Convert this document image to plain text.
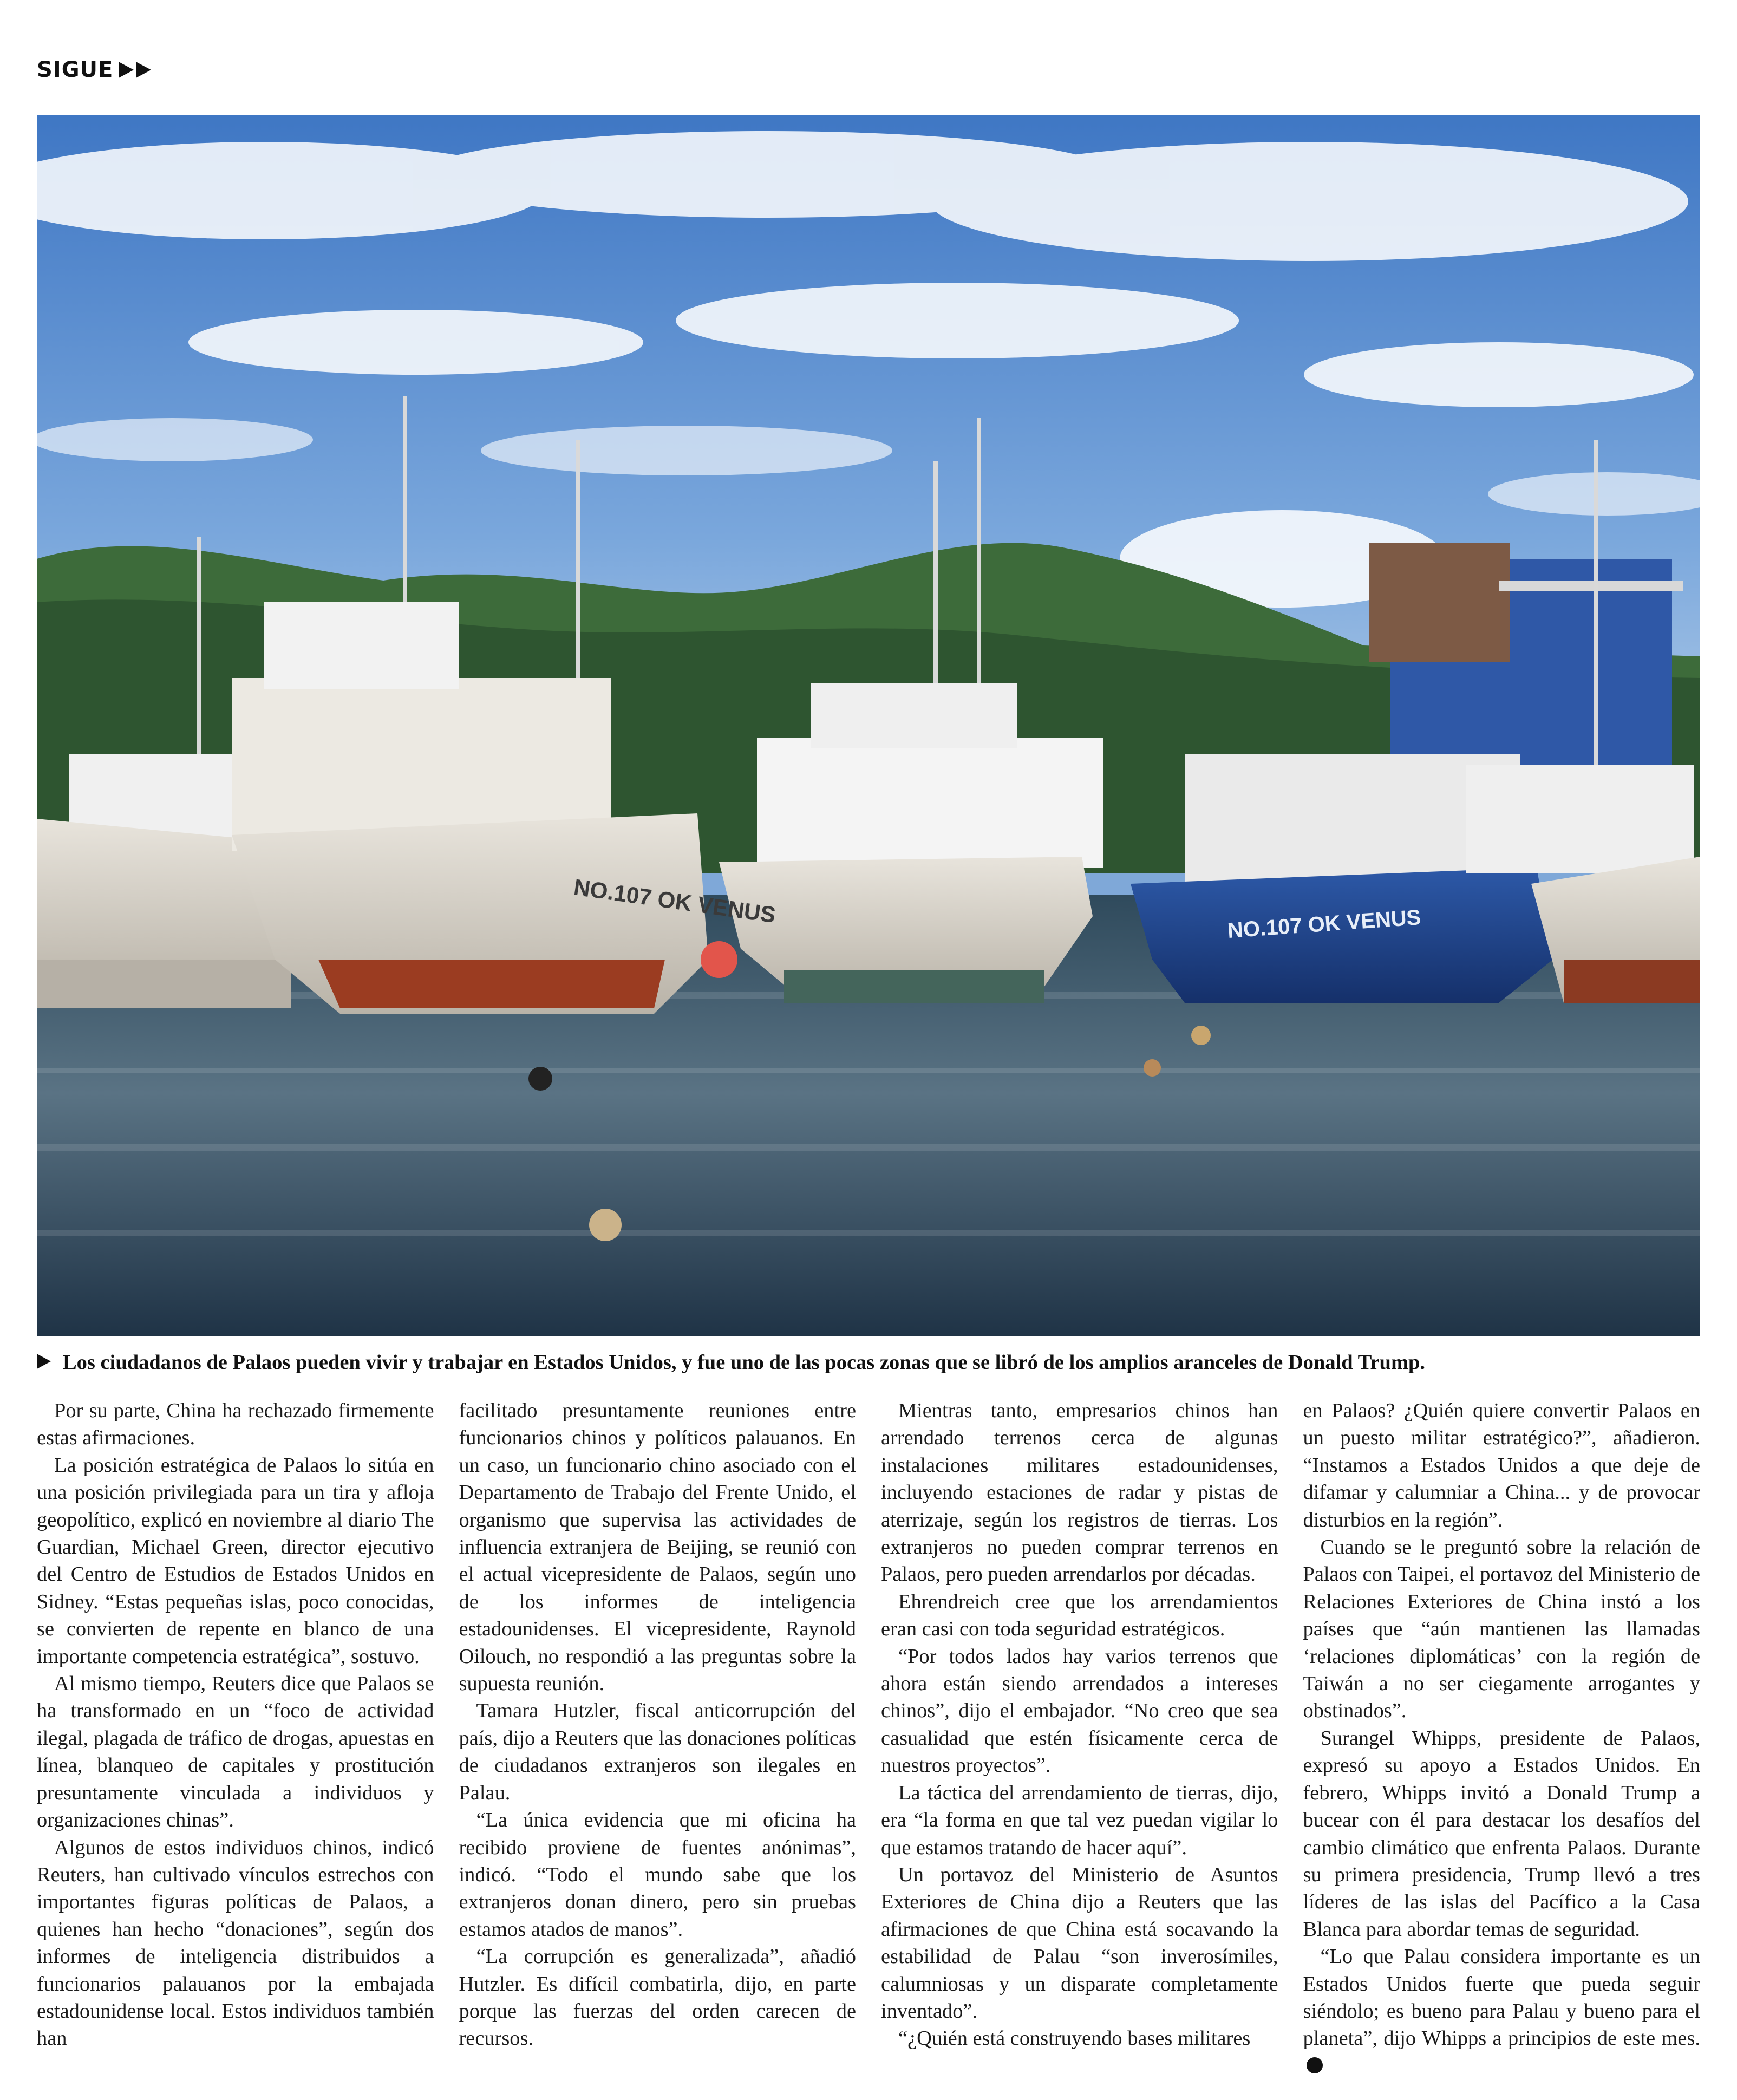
SIGUE
NO.107 OK VENUS	NO.107 OK VENUS
Los ciudadanos de Palaos pueden vivir y trabajar en Estados Unidos, y fue uno de las pocas zonas que se libró de los amplios aranceles de Donald Trump.

Por su parte, China ha rechazado firmemente estas afirmaciones.

La posición estratégica de Palaos lo sitúa en una posición privilegiada para un tira y afloja geopolítico, explicó en noviembre al diario The Guardian, Michael Green, director ejecutivo del Centro de Estudios de Estados Unidos en Sidney. “Estas pequeñas islas, poco conocidas, se convierten de repente en blanco de una importante competencia estratégica”, sostuvo.

Al mismo tiempo, Reuters dice que Palaos se ha transformado en un “foco de actividad ilegal, plagada de tráfico de drogas, apuestas en línea, blanqueo de capitales y prostitución presuntamente vinculada a individuos y organizaciones chinas”.

Algunos de estos individuos chinos, indicó Reuters, han cultivado vínculos estrechos con importantes figuras políticas de Palaos, a quienes han hecho “donaciones”, según dos informes de inteligencia distribuidos a funcionarios palauanos por la embajada estadounidense local. Estos individuos también han

facilitado presuntamente reuniones entre funcionarios chinos y políticos palauanos. En un caso, un funcionario chino asociado con el Departamento de Trabajo del Frente Unido, el organismo que supervisa las actividades de influencia extranjera de Beijing, se reunió con el actual vicepresidente de Palaos, según uno de los informes de inteligencia estadounidenses. El vicepresidente, Raynold Oilouch, no respondió a las preguntas sobre la supuesta reunión.

Tamara Hutzler, fiscal anticorrupción del país, dijo a Reuters que las donaciones políticas de ciudadanos extranjeros son ilegales en Palau.

“La única evidencia que mi oficina ha recibido proviene de fuentes anónimas”, indicó. “Todo el mundo sabe que los extranjeros donan dinero, pero sin pruebas estamos atados de manos”.

“La corrupción es generalizada”, añadió Hutzler. Es difícil combatirla, dijo, en parte porque las fuerzas del orden carecen de recursos.

Mientras tanto, empresarios chinos han arrendado terrenos cerca de algunas instalaciones militares estadounidenses, incluyendo estaciones de radar y pistas de aterrizaje, según los registros de tierras. Los extranjeros no pueden comprar terrenos en Palaos, pero pueden arrendarlos por décadas.

Ehrendreich cree que los arrendamientos eran casi con toda seguridad estratégicos.

“Por todos lados hay varios terrenos que ahora están siendo arrendados a intereses chinos”, dijo el embajador. “No creo que sea casualidad que estén físicamente cerca de nuestros proyectos”.

La táctica del arrendamiento de tierras, dijo, era “la forma en que tal vez puedan vigilar lo que estamos tratando de hacer aquí”.

Un portavoz del Ministerio de Asuntos Exteriores de China dijo a Reuters que las afirmaciones de que China está socavando la estabilidad de Palau “son inverosímiles, calumniosas y un disparate completamente inventado”.

“¿Quién está construyendo bases militares

en Palaos? ¿Quién quiere convertir Palaos en un puesto militar estratégico?”, añadieron. “Instamos a Estados Unidos a que deje de difamar y calumniar a China... y de provocar disturbios en la región”.

Cuando se le preguntó sobre la relación de Palaos con Taipei, el portavoz del Ministerio de Relaciones Exteriores de China instó a los países que “aún mantienen las llamadas ‘relaciones diplomáticas’ con la región de Taiwán a no ser ciegamente arrogantes y obstinados”.

Surangel Whipps, presidente de Palaos, expresó su apoyo a Estados Unidos. En febrero, Whipps invitó a Donald Trump a bucear con él para destacar los desafíos del cambio climático que enfrenta Palaos. Durante su primera presidencia, Trump llevó a tres líderes de las islas del Pacífico a la Casa Blanca para abordar temas de seguridad.

“Lo que Palau considera importante es un Estados Unidos fuerte que pueda seguir siéndolo; es bueno para Palau y bueno para el planeta”, dijo Whipps a principios de este mes.
